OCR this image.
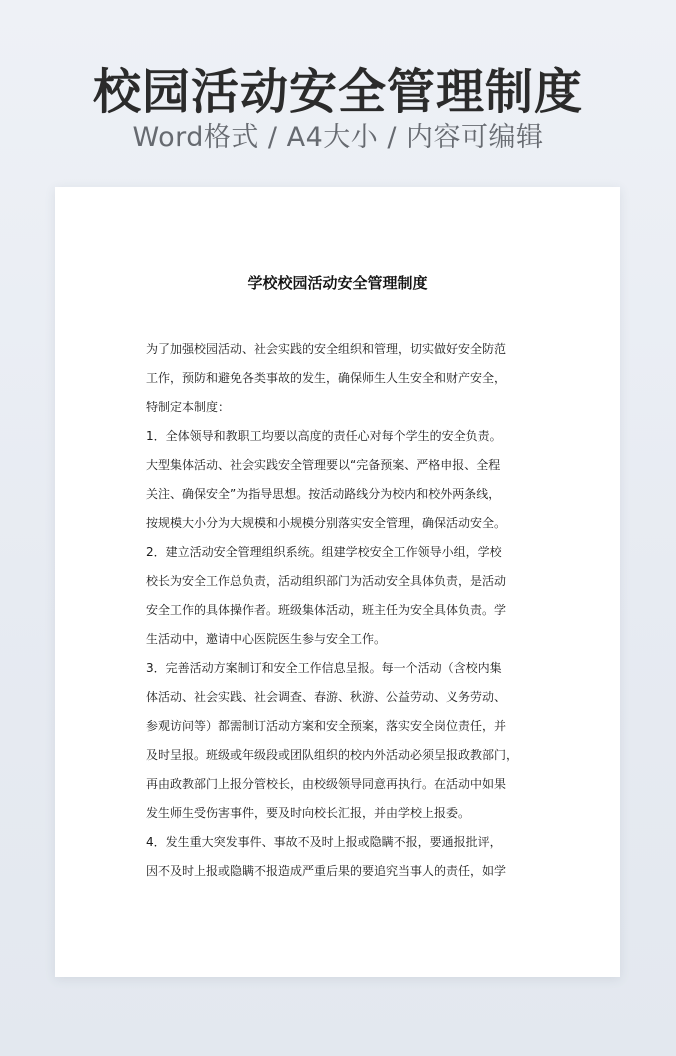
校园活动安全管理制度
Word格式 / A4大小 / 内容可编辑
学校校园活动安全管理制度
为了加强校园活动、社会实践的安全组织和管理，切实做好安全防范
工作，预防和避免各类事故的发生，确保师生人生安全和财产安全，
特制定本制度：
1．全体领导和教职工均要以高度的责任心对每个学生的安全负责。
大型集体活动、社会实践安全管理要以“完备预案、严格申报、全程
关注、确保安全”为指导思想。按活动路线分为校内和校外两条线，
按规模大小分为大规模和小规模分别落实安全管理，确保活动安全。
2．建立活动安全管理组织系统。组建学校安全工作领导小组，学校
校长为安全工作总负责，活动组织部门为活动安全具体负责，是活动
安全工作的具体操作者。班级集体活动，班主任为安全具体负责。学
生活动中，邀请中心医院医生参与安全工作。
3．完善活动方案制订和安全工作信息呈报。每一个活动（含校内集
体活动、社会实践、社会调查、春游、秋游、公益劳动、义务劳动、
参观访问等）都需制订活动方案和安全预案，落实安全岗位责任，并
及时呈报。班级或年级段或团队组织的校内外活动必须呈报政教部门，
再由政教部门上报分管校长，由校级领导同意再执行。在活动中如果
发生师生受伤害事件，要及时向校长汇报，并由学校上报委。
4．发生重大突发事件、事故不及时上报或隐瞒不报，要通报批评，
因不及时上报或隐瞒不报造成严重后果的要追究当事人的责任，如学
